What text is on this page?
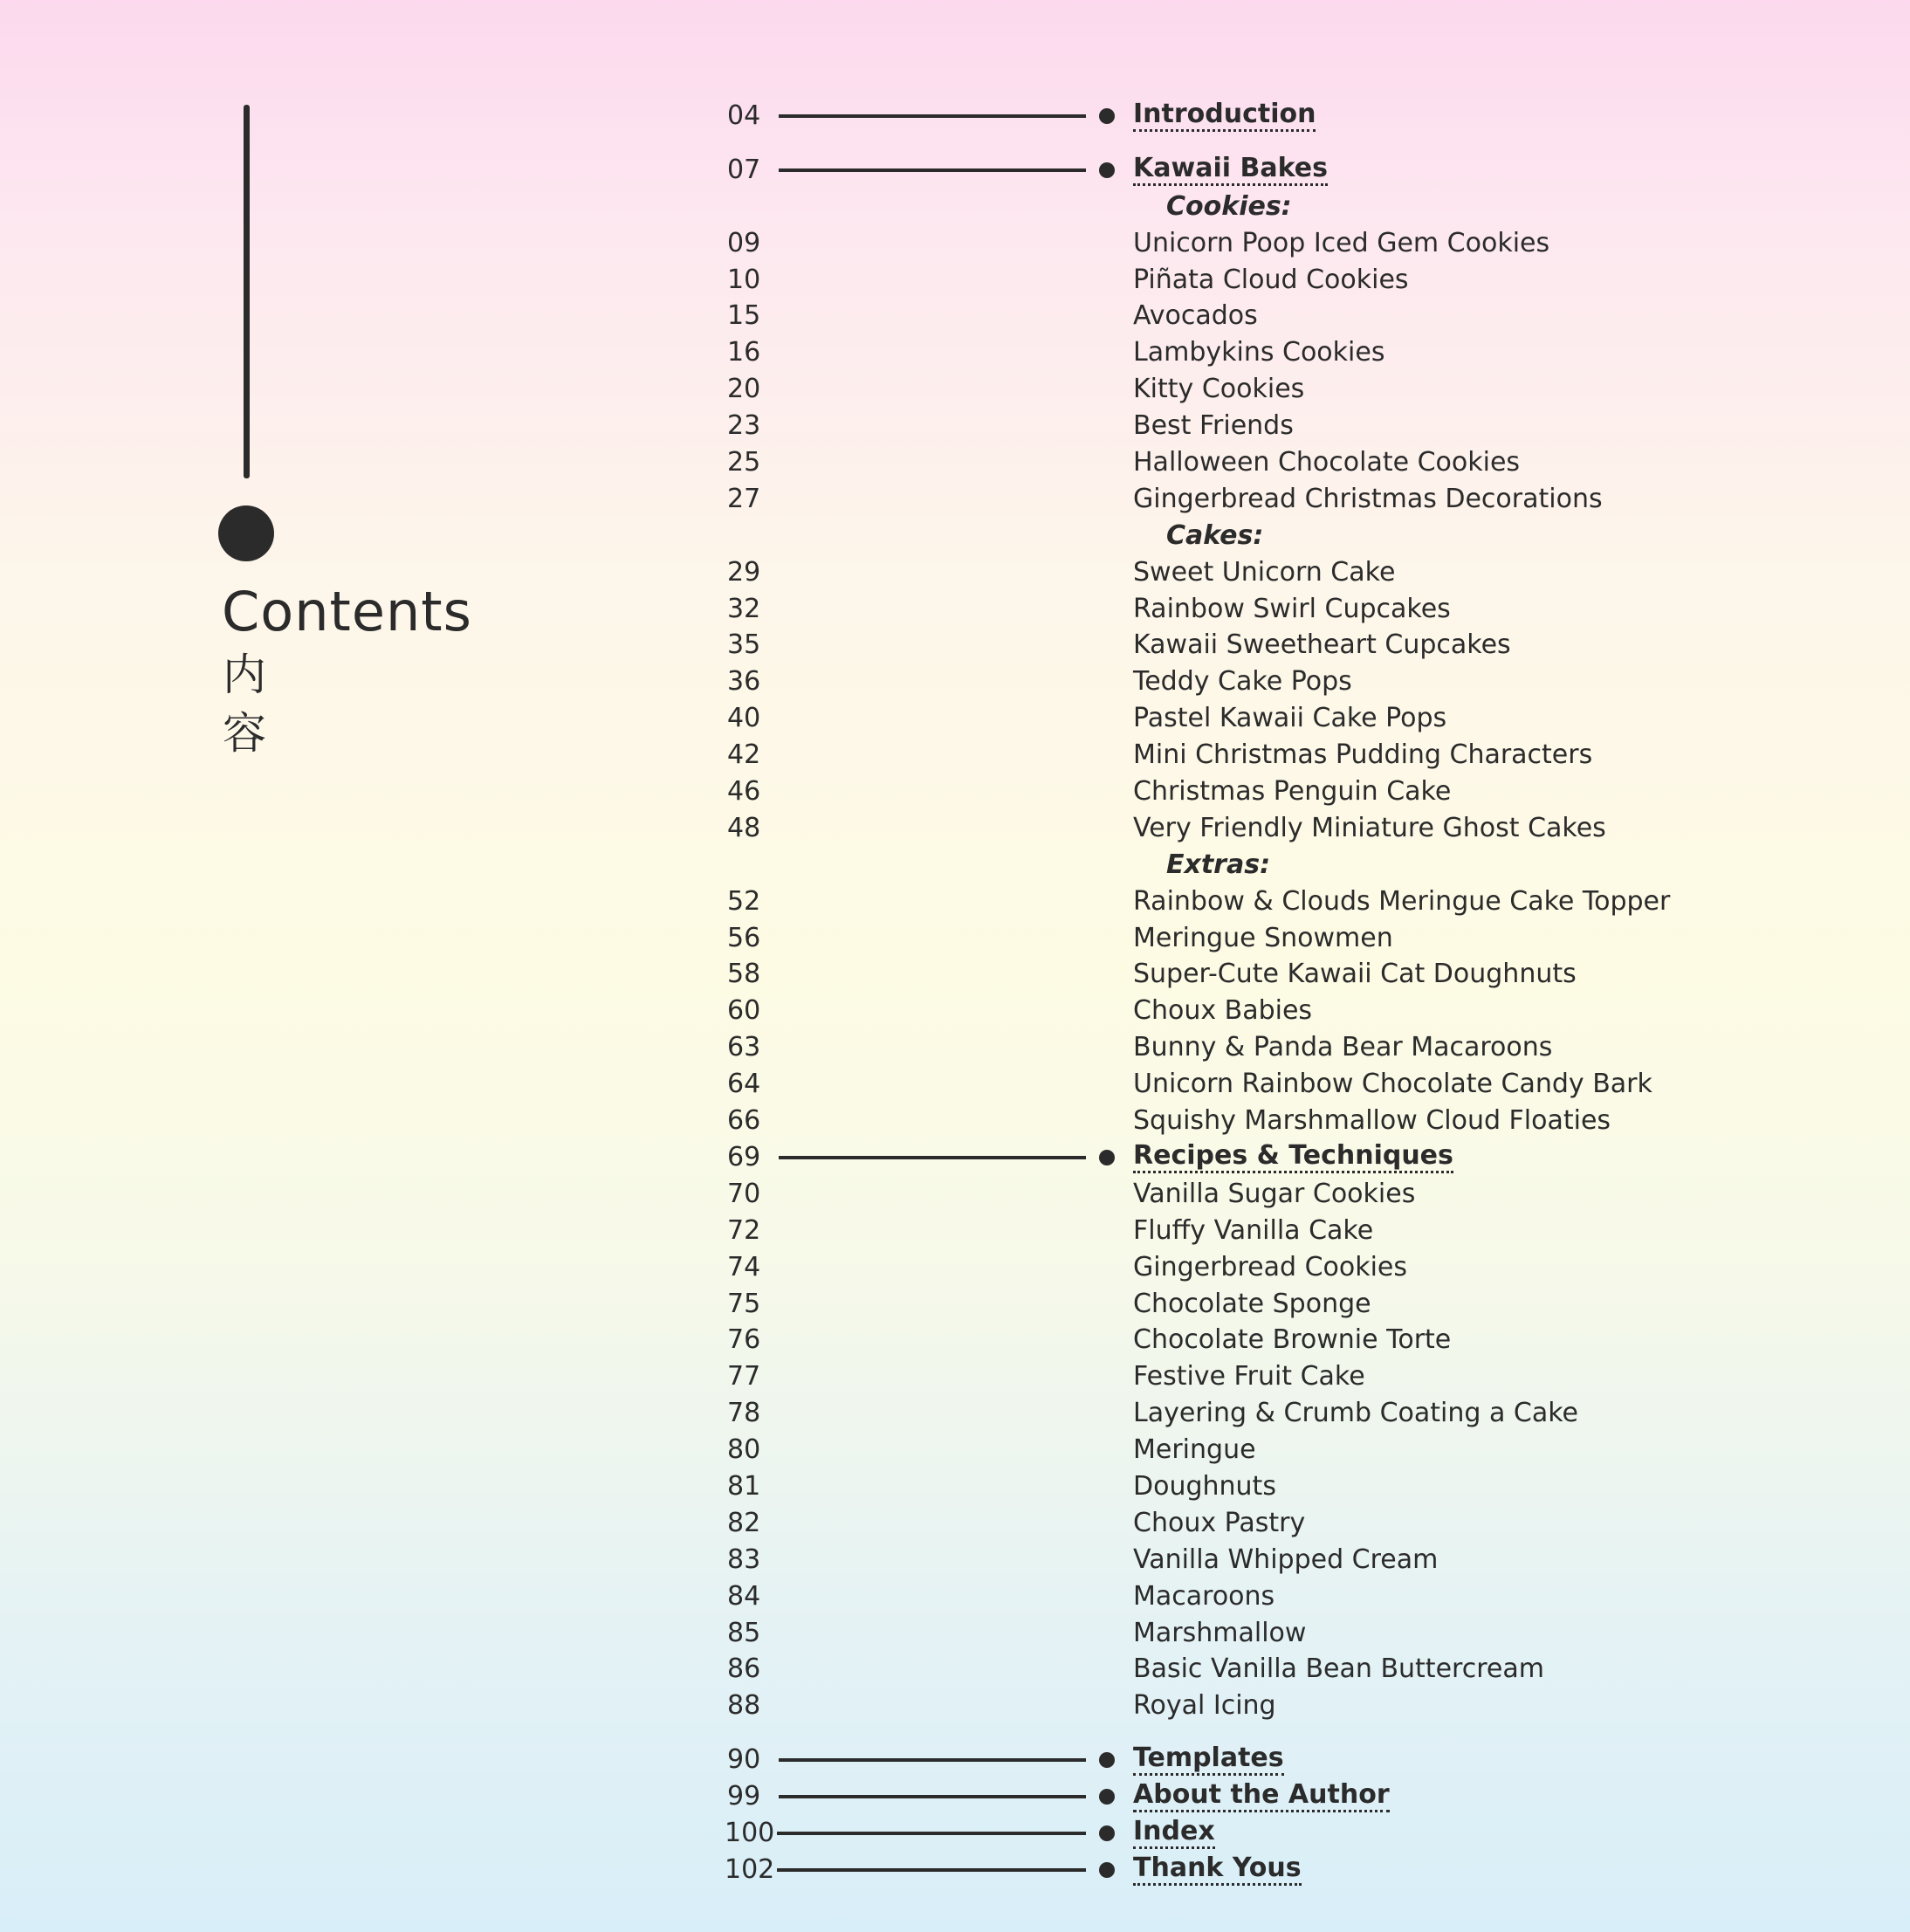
Contents
内
容
04	Introduction
07	Kawaii Bakes
Cookies:
09	Unicorn Poop Iced Gem Cookies
10	Piñata Cloud Cookies
15	Avocados
16	Lambykins Cookies
20	Kitty Cookies
23	Best Friends
25	Halloween Chocolate Cookies
27	Gingerbread Christmas Decorations
Cakes:
29	Sweet Unicorn Cake
32	Rainbow Swirl Cupcakes
35	Kawaii Sweetheart Cupcakes
36	Teddy Cake Pops
40	Pastel Kawaii Cake Pops
42	Mini Christmas Pudding Characters
46	Christmas Penguin Cake
48	Very Friendly Miniature Ghost Cakes
Extras:
52	Rainbow & Clouds Meringue Cake Topper
56	Meringue Snowmen
58	Super-Cute Kawaii Cat Doughnuts
60	Choux Babies
63	Bunny & Panda Bear Macaroons
64	Unicorn Rainbow Chocolate Candy Bark
66	Squishy Marshmallow Cloud Floaties
69	Recipes & Techniques
70	Vanilla Sugar Cookies
72	Fluffy Vanilla Cake
74	Gingerbread Cookies
75	Chocolate Sponge
76	Chocolate Brownie Torte
77	Festive Fruit Cake
78	Layering & Crumb Coating a Cake
80	Meringue
81	Doughnuts
82	Choux Pastry
83	Vanilla Whipped Cream
84	Macaroons
85	Marshmallow
86	Basic Vanilla Bean Buttercream
88	Royal Icing
90	Templates
99	About the Author
100	Index
102	Thank Yous
